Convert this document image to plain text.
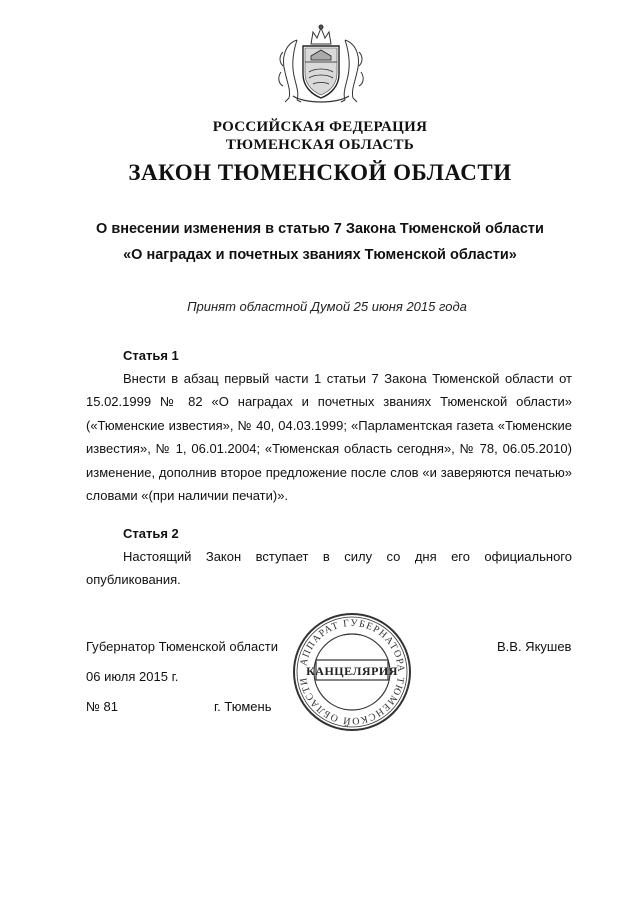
РОССИЙСКАЯ ФЕДЕРАЦИЯ
ТЮМЕНСКАЯ ОБЛАСТЬ
ЗАКОН ТЮМЕНСКОЙ ОБЛАСТИ
О внесении изменения в статью 7 Закона Тюменской области
«О наградах и почетных званиях Тюменской области»
Принят областной Думой 25 июня 2015 года
Статья 1

Внести в абзац первый части 1 статьи 7 Закона Тюменской области от 15.02.1999 № 82 «О наградах и почетных званиях Тюменской области» («Тюменские известия», № 40, 04.03.1999; «Парламентская газета «Тюменские известия», № 1, 06.01.2004; «Тюменская область сегодня», № 78, 06.05.2010) изменение, дополнив второе предложение после слов «и заверяются печатью» словами «(при наличии печати)».

Статья 2

Настоящий Закон вступает в силу со дня его официального опубликования.

Губернатор Тюменской области	В.В. Якушев
06 июля 2015 г.
№ 81	г. Тюмень
АППАРАТ ГУБЕРНАТОРА ТЮМЕНСКОЙ ОБЛАСТИ
КАНЦЕЛЯРИЯ
